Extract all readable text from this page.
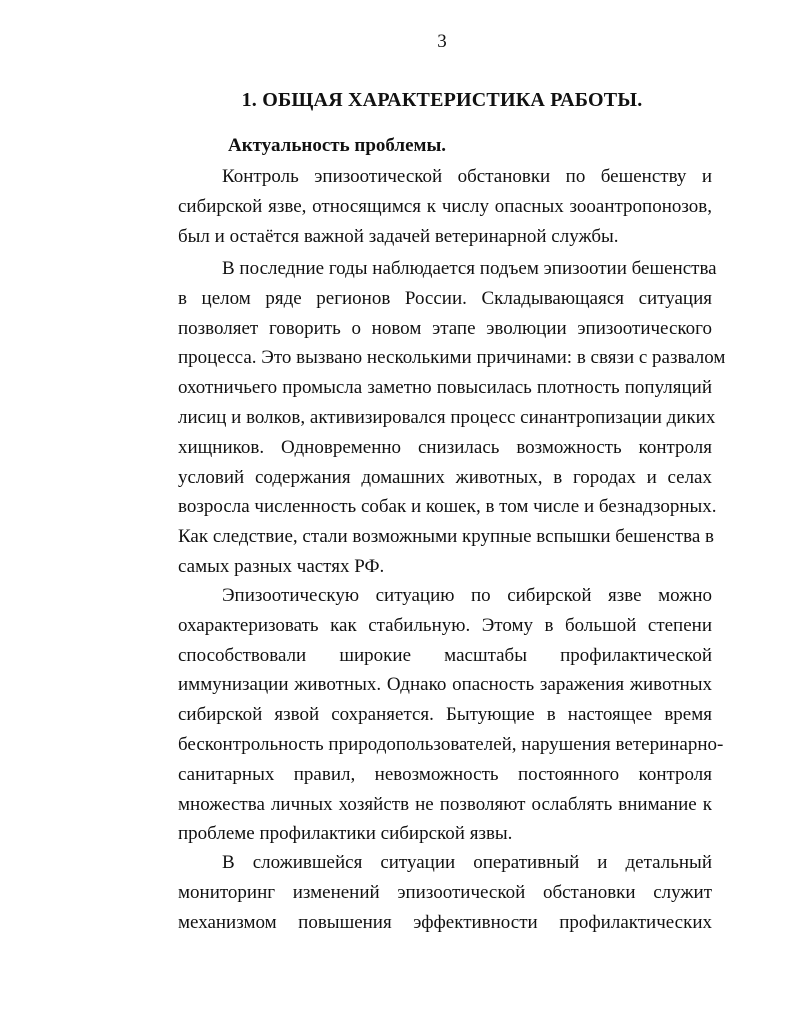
3
1. ОБЩАЯ ХАРАКТЕРИСТИКА РАБОТЫ.
Актуальность проблемы.
Контроль эпизоотической обстановки по бешенству и
сибирской язве, относящимся к числу опасных зооантропонозов,
был и остаётся важной задачей ветеринарной службы.
В последние годы наблюдается подъем эпизоотии бешенства
в целом ряде регионов России. Складывающаяся ситуация
позволяет говорить о новом этапе эволюции эпизоотического
процесса. Это вызвано несколькими причинами: в связи с развалом
охотничьего промысла заметно повысилась плотность популяций
лисиц и волков, активизировался процесс синантропизации диких
хищников. Одновременно снизилась возможность контроля
условий содержания домашних животных, в городах и селах
возросла численность собак и кошек, в том числе и безнадзорных.
Как следствие, стали возможными крупные вспышки бешенства в
самых разных частях РФ.
Эпизоотическую ситуацию по сибирской язве можно
охарактеризовать как стабильную. Этому в большой степени
способствовали широкие масштабы профилактической
иммунизации животных. Однако опасность заражения животных
сибирской язвой сохраняется. Бытующие в настоящее время
бесконтрольность природопользователей, нарушения ветеринарно-
санитарных правил, невозможность постоянного контроля
множества личных хозяйств не позволяют ослаблять внимание к
проблеме профилактики сибирской язвы.
В сложившейся ситуации оперативный и детальный
мониторинг изменений эпизоотической обстановки служит
механизмом повышения эффективности профилактических
